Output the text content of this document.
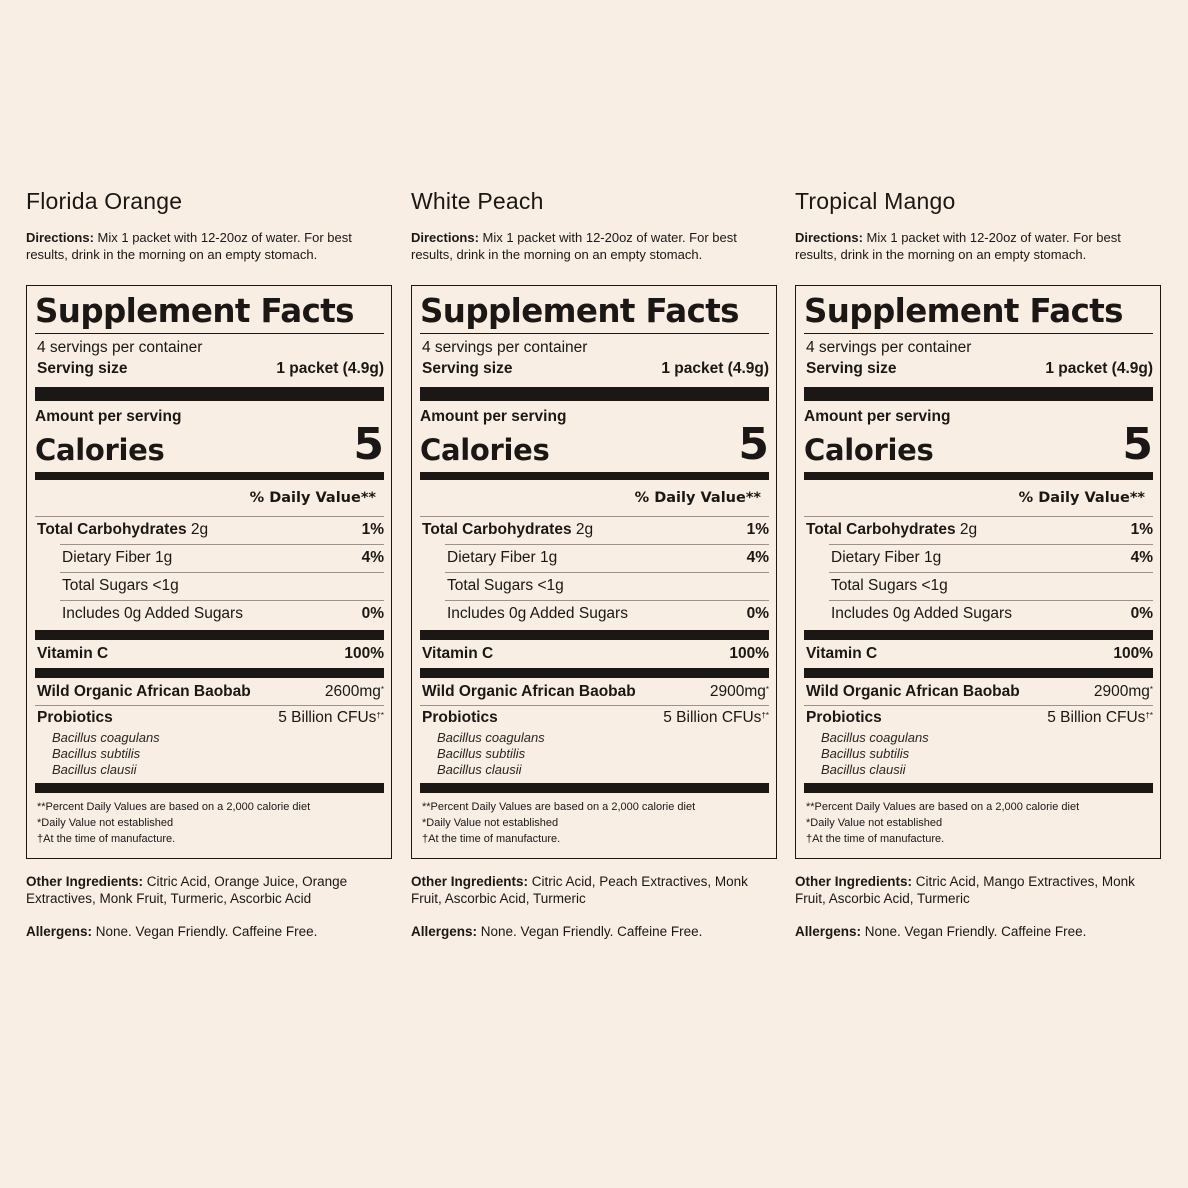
Florida Orange

Directions: Mix 1 packet with 12-20oz of water. For best results, drink in the morning on an empty stomach.

Supplement Facts
4 servings per container
Serving size	1 packet (4.9g)
Amount per serving
Calories	5
% Daily Value**
Total Carbohydrates 2g	1%
Dietary Fiber 1g	4%
Total Sugars <1g
Includes 0g Added Sugars	0%
Vitamin C	100%
Wild Organic African Baobab	2600mg*
Probiotics	5 Billion CFUs†*
Bacillus coagulans
Bacillus subtilis
Bacillus clausii
**Percent Daily Values are based on a 2,000 calorie diet
*Daily Value not established
†At the time of manufacture.

Other Ingredients: Citric Acid, Orange Juice, Orange Extractives, Monk Fruit, Turmeric, Ascorbic Acid

Allergens: None. Vegan Friendly. Caffeine Free.

White Peach

Directions: Mix 1 packet with 12-20oz of water. For best results, drink in the morning on an empty stomach.

Supplement Facts
4 servings per container
Serving size	1 packet (4.9g)
Amount per serving
Calories	5
% Daily Value**
Total Carbohydrates 2g	1%
Dietary Fiber 1g	4%
Total Sugars <1g
Includes 0g Added Sugars	0%
Vitamin C	100%
Wild Organic African Baobab	2900mg*
Probiotics	5 Billion CFUs†*
Bacillus coagulans
Bacillus subtilis
Bacillus clausii
**Percent Daily Values are based on a 2,000 calorie diet
*Daily Value not established
†At the time of manufacture.

Other Ingredients: Citric Acid, Peach Extractives, Monk Fruit, Ascorbic Acid, Turmeric

Allergens: None. Vegan Friendly. Caffeine Free.

Tropical Mango

Directions: Mix 1 packet with 12-20oz of water. For best results, drink in the morning on an empty stomach.

Supplement Facts
4 servings per container
Serving size	1 packet (4.9g)
Amount per serving
Calories	5
% Daily Value**
Total Carbohydrates 2g	1%
Dietary Fiber 1g	4%
Total Sugars <1g
Includes 0g Added Sugars	0%
Vitamin C	100%
Wild Organic African Baobab	2900mg*
Probiotics	5 Billion CFUs†*
Bacillus coagulans
Bacillus subtilis
Bacillus clausii
**Percent Daily Values are based on a 2,000 calorie diet
*Daily Value not established
†At the time of manufacture.

Other Ingredients: Citric Acid, Mango Extractives, Monk Fruit, Ascorbic Acid, Turmeric

Allergens: None. Vegan Friendly. Caffeine Free.
